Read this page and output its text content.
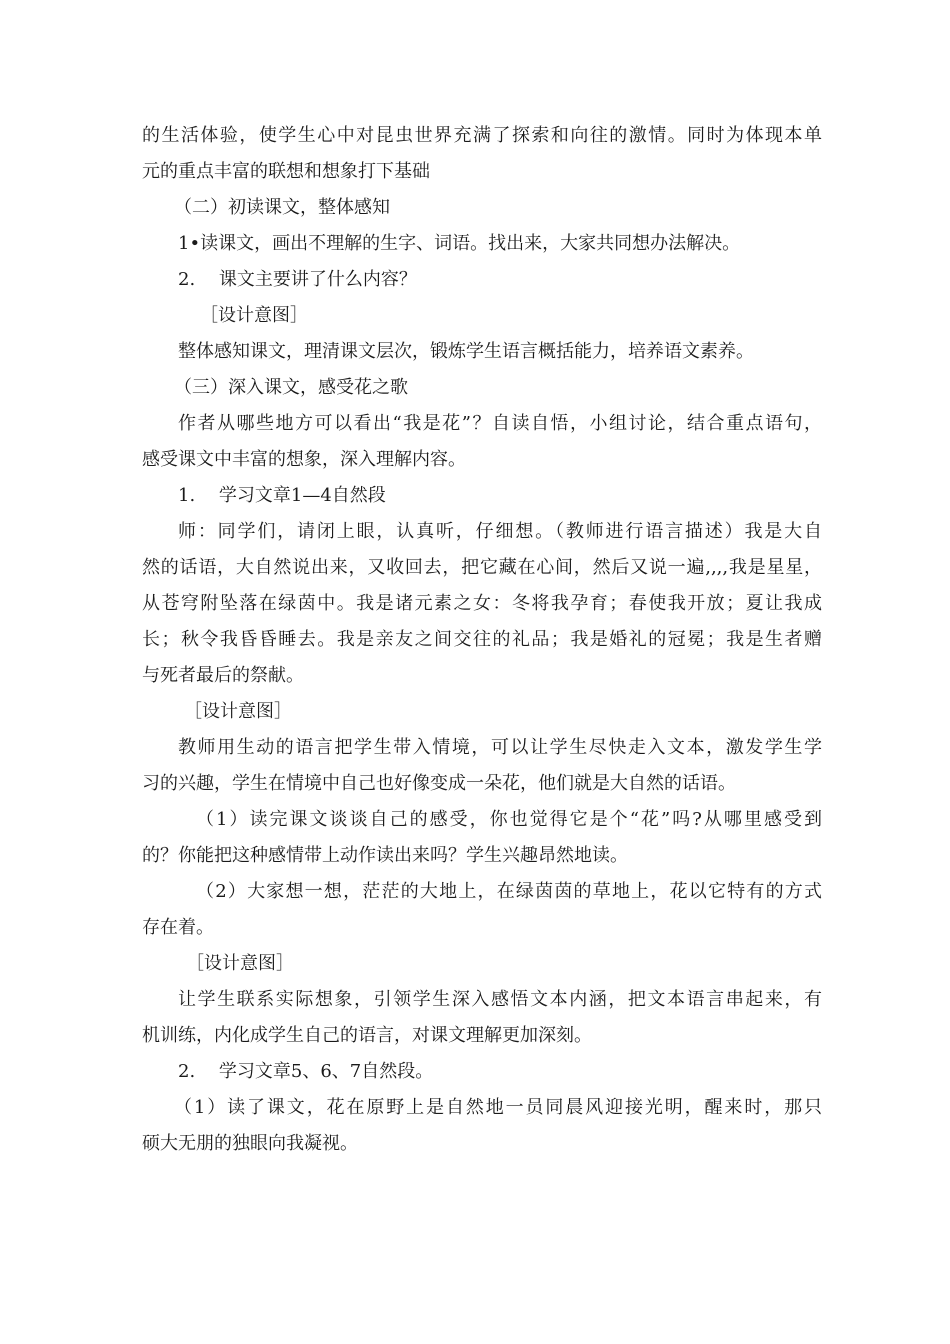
的生活体验，使学生心中对昆虫世界充满了探索和向往的激情。同时为体现本单
元的重点丰富的联想和想象打下基础
（二）初读课文，整体感知
1•读课文，画出不理解的生字、词语。找出来，大家共同想办法解决。
2.　 课文主要讲了什么内容？
［设计意图］
整体感知课文，理清课文层次，锻炼学生语言概括能力，培养语文素养。
（三）深入课文，感受花之歌
作者从哪些地方可以看出“我是花”？自读自悟，小组讨论，结合重点语句，
感受课文中丰富的想象，深入理解内容。
1.　 学习文章1—4自然段
师：同学们，请闭上眼，认真听，仔细想。（教师进行语言描述）我是大自
然的话语，大自然说出来，又收回去，把它藏在心间，然后又说一遍,,,,我是星星，
从苍穹附坠落在绿茵中。我是诸元素之女：冬将我孕育；春使我开放；夏让我成
长；秋令我昏昏睡去。我是亲友之间交往的礼品；我是婚礼的冠冕；我是生者赠
与死者最后的祭献。
［设计意图］
教师用生动的语言把学生带入情境，可以让学生尽快走入文本，激发学生学
习的兴趣，学生在情境中自己也好像变成一朵花，他们就是大自然的话语。
（1）读完课文谈谈自己的感受，你也觉得它是个“花”吗?从哪里感受到
的？你能把这种感情带上动作读出来吗？学生兴趣昂然地读。
（2）大家想一想，茫茫的大地上，在绿茵茵的草地上，花以它特有的方式
存在着。
［设计意图］
让学生联系实际想象，引领学生深入感悟文本内涵，把文本语言串起来，有
机训练，内化成学生自己的语言，对课文理解更加深刻。
2.　 学习文章5、6、7自然段。
（1）读了课文，花在原野上是自然地一员同晨风迎接光明，醒来时，那只
硕大无朋的独眼向我凝视。
